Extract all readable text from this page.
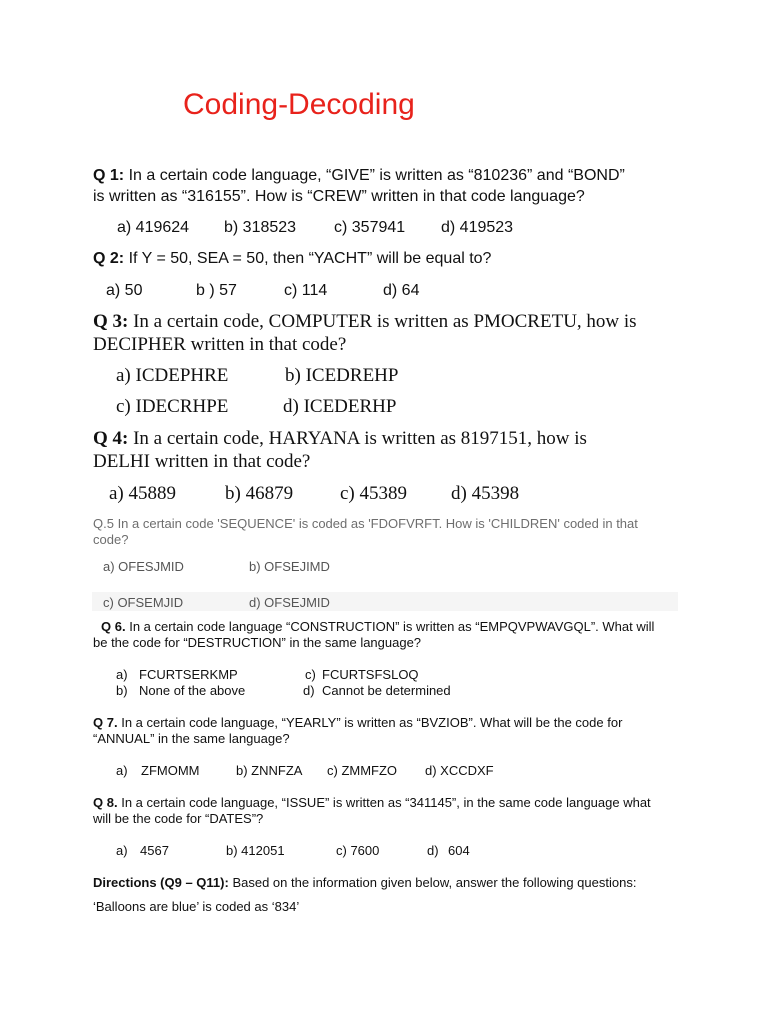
Coding-Decoding
Q 1: In a certain code language, “GIVE” is written as “810236” and “BOND”
is written as “316155”. How is “CREW” written in that code language?
a) 419624 b) 318523 c) 357941 d) 419523
Q 2: If Y = 50, SEA = 50, then “YACHT” will be equal to?
a) 50	b ) 57	c) 114	d) 64
Q 3: In a certain code, COMPUTER is written as PMOCRETU, how is
DECIPHER written in that code?
a) ICDEPHRE	b) ICEDREHP
c) IDECRHPE	d) ICEDERHP
Q 4: In a certain code, HARYANA is written as 8197151, how is
DELHI written in that code?
a) 45889	b) 46879 c) 45389 d) 45398
Q.5 In a certain code 'SEQUENCE' is coded as 'FDOFVRFT. How is 'CHILDREN' coded in that
code?
a) OFESJMID	b) OFSEJIMD
c) OFSEMJID	d) OFSEJMID
Q 6. In a certain code language “CONSTRUCTION” is written as “EMPQVPWAVGQL”. What will
be the code for “DESTRUCTION” in the same language?
a) FCURTSERKMP	c) FCURTSFSLOQ
b) None of the above	d) Cannot be determined
Q 7. In a certain code language, “YEARLY” is written as “BVZIOB”. What will be the code for
“ANNUAL” in the same language?
a) ZFMOMM	b) ZNNFZA c) ZMMFZO d) XCCDXF
Q 8. In a certain code language, “ISSUE” is written as “341145”, in the same code language what
will be the code for “DATES”?
a) 4567	b) 412051	c) 7600	d) 604
Directions (Q9 – Q11): Based on the information given below, answer the following questions:
‘Balloons are blue’ is coded as ‘834’
